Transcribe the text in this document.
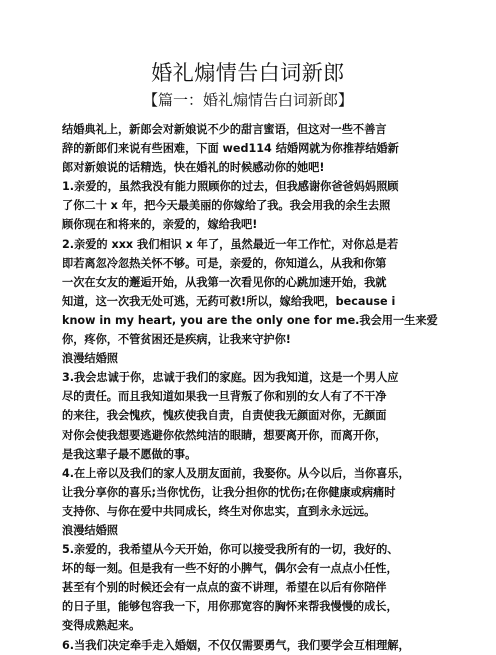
婚礼煽情告白词新郎
【篇一：婚礼煽情告白词新郎】
结婚典礼上，新郎会对新娘说不少的甜言蜜语，但这对一些不善言
辞的新郎们来说有些困难，下面 wed114 结婚网就为你推荐结婚新
郎对新娘说的话精选，快在婚礼的时候感动你的她吧!
1.亲爱的，虽然我没有能力照顾你的过去，但我感谢你爸爸妈妈照顾
了你二十 x 年，把今天最美丽的你嫁给了我。我会用我的余生去照
顾你现在和将来的，亲爱的，嫁给我吧!
2.亲爱的 xxx 我们相识 x 年了，虽然最近一年工作忙，对你总是若
即若离忽冷忽热关怀不够。可是，亲爱的，你知道么，从我和你第
一次在女友的邂逅开始，从我第一次看见你的心跳加速开始，我就
知道，这一次我无处可逃，无药可救!所以，嫁给我吧，because i
know in my heart, you are the only one for me.我会用一生来爱
你，疼你，不管贫困还是疾病，让我来守护你!
浪漫结婚照
3.我会忠诚于你，忠诚于我们的家庭。因为我知道，这是一个男人应
尽的责任。而且我知道如果我一旦背叛了你和别的女人有了不干净
的来往，我会愧疚，愧疚使我自责，自责使我无颜面对你，无颜面
对你会使我想要逃避你依然纯洁的眼睛，想要离开你，而离开你，
是我这辈子最不愿做的事。
4.在上帝以及我们的家人及朋友面前，我娶你。从今以后，当你喜乐，
让我分享你的喜乐;当你忧伤，让我分担你的忧伤;在你健康或病痛时
支持你、与你在爱中共同成长，终生对你忠实，直到永永远远。
浪漫结婚照
5.亲爱的，我希望从今天开始，你可以接受我所有的一切，我好的、
坏的每一刻。但是我有一些不好的小脾气，偶尔会有一点点小任性，
甚至有个别的时候还会有一点点的蛮不讲理，希望在以后有你陪伴
的日子里，能够包容我一下，用你那宽容的胸怀来帮我慢慢的成长，
变得成熟起来。
6.当我们决定牵手走入婚姻，不仅仅需要勇气，我们要学会互相理解，
